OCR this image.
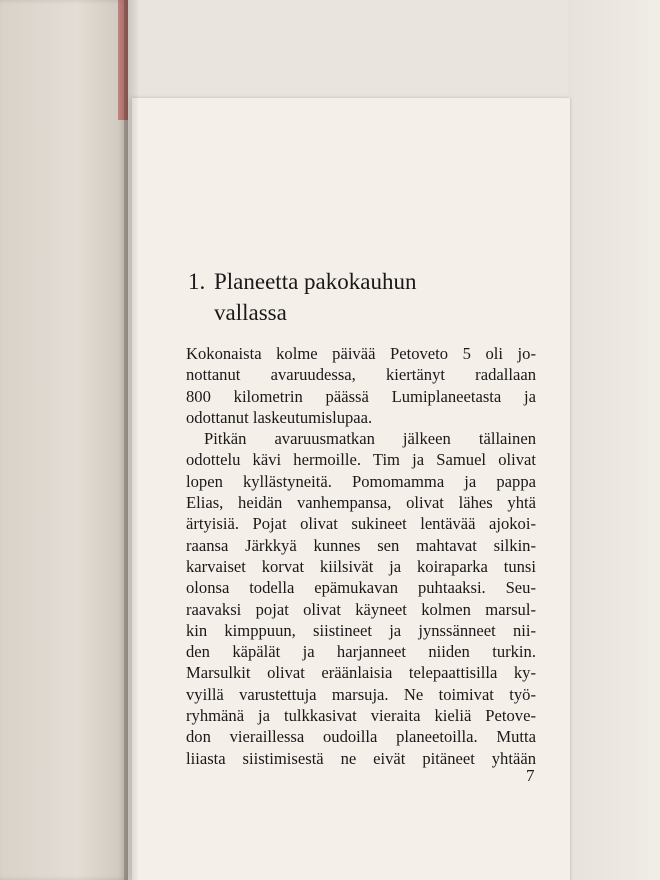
1. Planeetta pakokauhun
vallassa
Kokonaista kolme päivää Petoveto 5 oli jo-
nottanut avaruudessa, kiertänyt radallaan
800 kilometrin päässä Lumiplaneetasta ja
odottanut laskeutumislupaa.
Pitkän avaruusmatkan jälkeen tällainen
odottelu kävi hermoille. Tim ja Samuel olivat
lopen kyllästyneitä. Pomomamma ja pappa
Elias, heidän vanhempansa, olivat lähes yhtä
ärtyisiä. Pojat olivat sukineet lentävää ajokoi-
raansa Järkkyä kunnes sen mahtavat silkin-
karvaiset korvat kiilsivät ja koiraparka tunsi
olonsa todella epämukavan puhtaaksi. Seu-
raavaksi pojat olivat käyneet kolmen marsul-
kin kimppuun, siistineet ja jynssänneet nii-
den käpälät ja harjanneet niiden turkin.
Marsulkit olivat eräänlaisia telepaattisilla ky-
vyillä varustettuja marsuja. Ne toimivat työ-
ryhmänä ja tulkkasivat vieraita kieliä Petove-
don vieraillessa oudoilla planeetoilla. Mutta
liiasta siistimisestä ne eivät pitäneet yhtään
7
